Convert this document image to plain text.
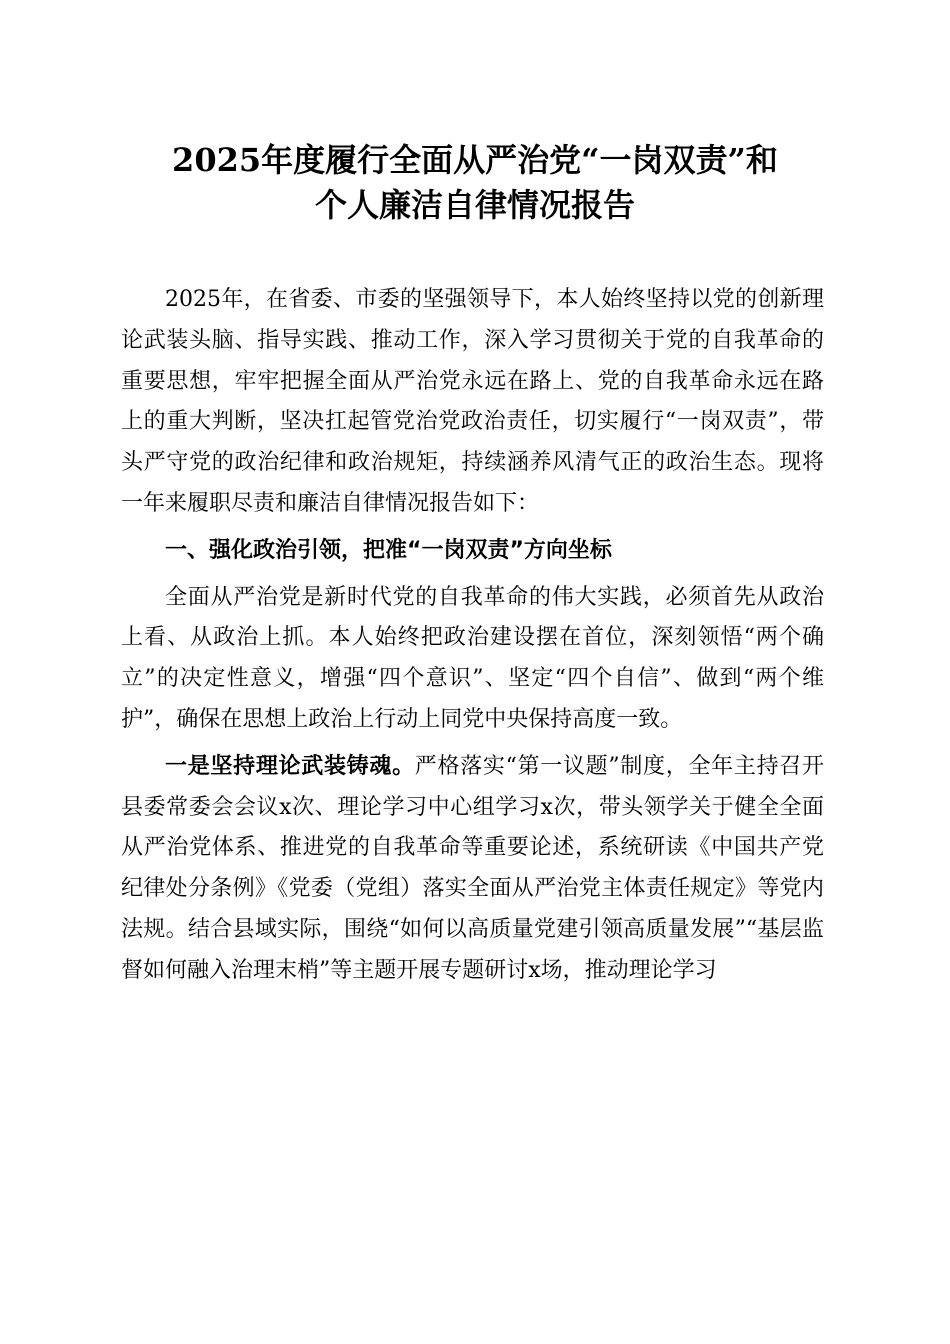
2025年度履行全面从严治党“一岗双责”和
个人廉洁自律情况报告

2025年，在省委、市委的坚强领导下，本人始终坚持以党的创新理论武装头脑、指导实践、推动工作，深入学习贯彻关于党的自我革命的重要思想，牢牢把握全面从严治党永远在路上、党的自我革命永远在路上的重大判断，坚决扛起管党治党政治责任，切实履行“一岗双责”，带头严守党的政治纪律和政治规矩，持续涵养风清气正的政治生态。现将一年来履职尽责和廉洁自律情况报告如下：

一、强化政治引领，把准“一岗双责”方向坐标

全面从严治党是新时代党的自我革命的伟大实践，必须首先从政治上看、从政治上抓。本人始终把政治建设摆在首位，深刻领悟“两个确立”的决定性意义，增强“四个意识”、坚定“四个自信”、做到“两个维护”，确保在思想上政治上行动上同党中央保持高度一致。

一是坚持理论武装铸魂。严格落实“第一议题”制度，全年主持召开县委常委会会议x次、理论学习中心组学习x次，带头领学关于健全全面从严治党体系、推进党的自我革命等重要论述，系统研读《中国共产党纪律处分条例》《党委（党组）落实全面从严治党主体责任规定》等党内法规。结合县域实际，围绕“如何以高质量党建引领高质量发展”“基层监督如何融入治理末梢”等主题开展专题研讨x场，推动理论学习
